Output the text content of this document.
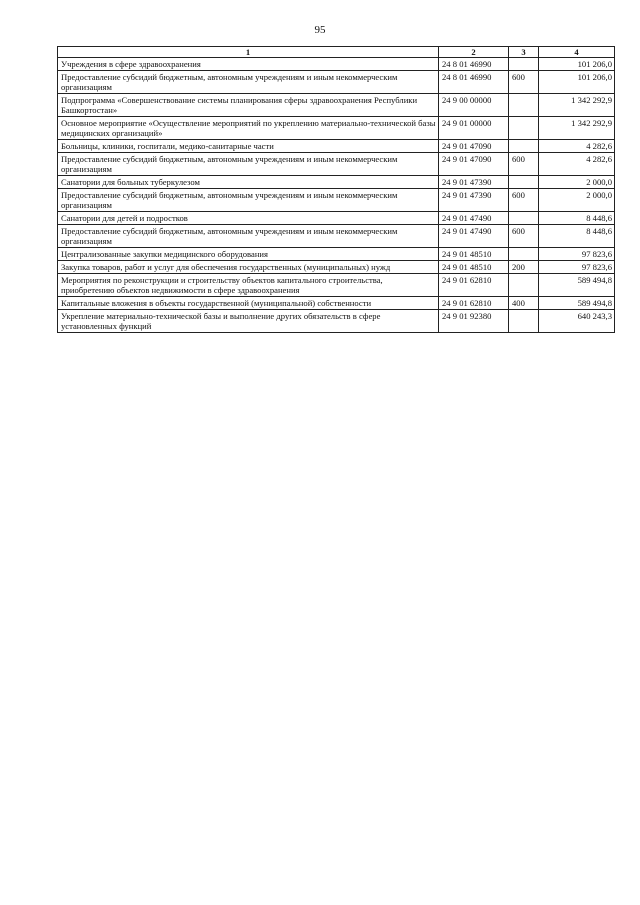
95
1	2	3	4
Учреждения в сфере здравоохранения	24 8 01 46990		101 206,0
Предоставление субсидий бюджетным, автономным учреждениям и иным некоммерческим организациям	24 8 01 46990	600	101 206,0
Подпрограмма «Совершенствование системы планирования сферы здравоохранения Республики Башкортостан»	24 9 00 00000		1 342 292,9
Основное мероприятие «Осуществление мероприятий по укреплению материально-технической базы медицинских организаций»	24 9 01 00000		1 342 292,9
Больницы, клиники, госпитали, медико-санитарные части	24 9 01 47090		4 282,6
Предоставление субсидий бюджетным, автономным учреждениям и иным некоммерческим организациям	24 9 01 47090	600	4 282,6
Санатории для больных туберкулезом	24 9 01 47390		2 000,0
Предоставление субсидий бюджетным, автономным учреждениям и иным некоммерческим организациям	24 9 01 47390	600	2 000,0
Санатории для детей и подростков	24 9 01 47490		8 448,6
Предоставление субсидий бюджетным, автономным учреждениям и иным некоммерческим организациям	24 9 01 47490	600	8 448,6
Централизованные закупки медицинского оборудования	24 9 01 48510		97 823,6
Закупка товаров, работ и услуг для обеспечения государственных (муниципальных) нужд	24 9 01 48510	200	97 823,6
Мероприятия по реконструкции и строительству объектов капитального строительства, приобретению объектов недвижимости в сфере здравоохранения	24 9 01 62810		589 494,8
Капитальные вложения в объекты государственной (муниципальной) собственности	24 9 01 62810	400	589 494,8
Укрепление материально-технической базы и выполнение других обязательств в сфере установленных функций	24 9 01 92380		640 243,3
